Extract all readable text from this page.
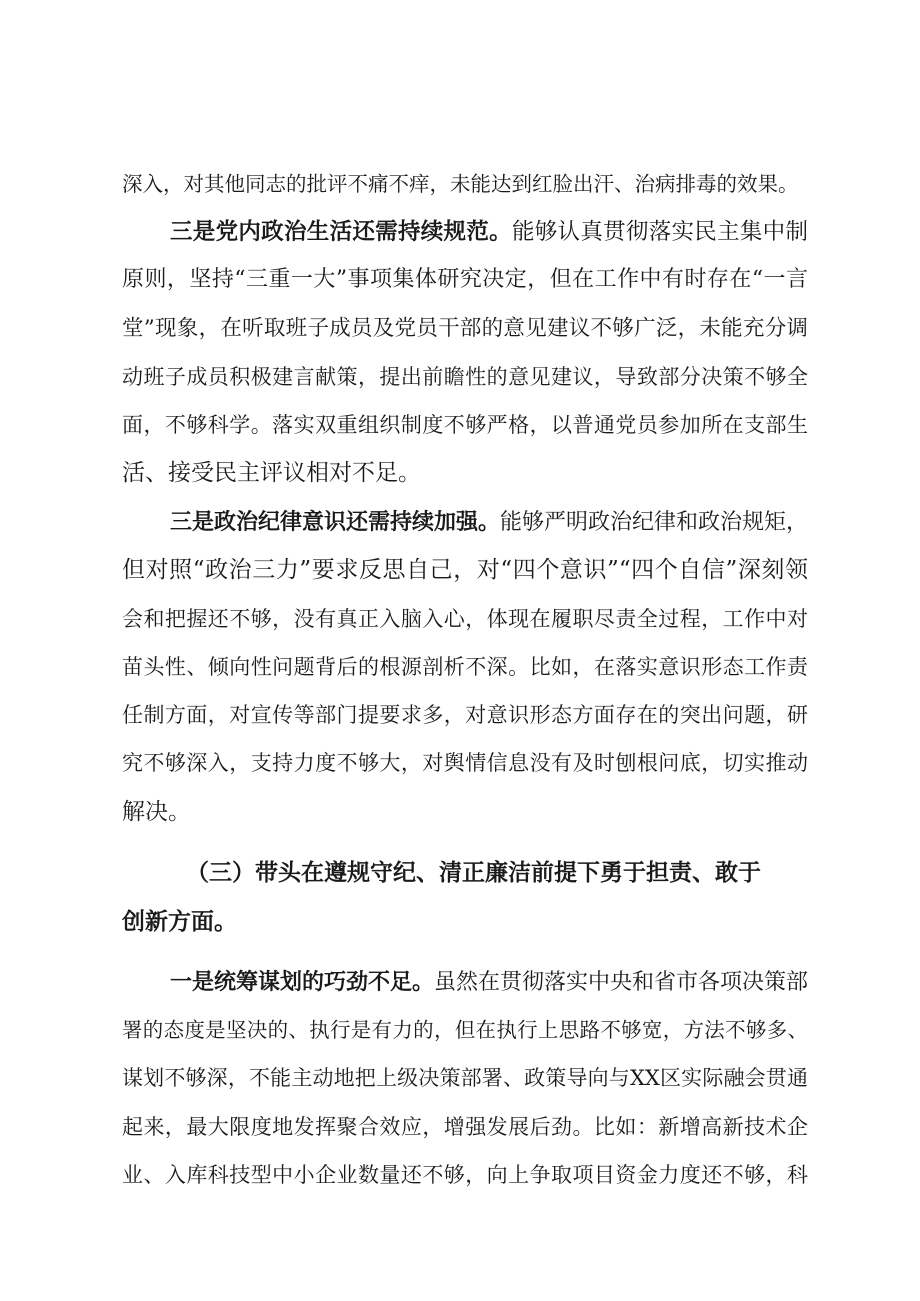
深入，对其他同志的批评不痛不痒，未能达到红脸出汗、治病排毒的效果。
三是党内政治生活还需持续规范。能够认真贯彻落实民主集中制
原则，坚持“三重一大”事项集体研究决定，但在工作中有时存在“一言
堂”现象，在听取班子成员及党员干部的意见建议不够广泛，未能充分调
动班子成员积极建言献策，提出前瞻性的意见建议，导致部分决策不够全
面，不够科学。落实双重组织制度不够严格，以普通党员参加所在支部生
活、接受民主评议相对不足。
三是政治纪律意识还需持续加强。能够严明政治纪律和政治规矩，
但对照“政治三力”要求反思自己，对“四个意识”“四个自信”深刻领
会和把握还不够，没有真正入脑入心，体现在履职尽责全过程，工作中对
苗头性、倾向性问题背后的根源剖析不深。比如，在落实意识形态工作责
任制方面，对宣传等部门提要求多，对意识形态方面存在的突出问题，研
究不够深入，支持力度不够大，对舆情信息没有及时刨根问底，切实推动
解决。
（三）带头在遵规守纪、清正廉洁前提下勇于担责、敢于
创新方面。
一是统筹谋划的巧劲不足。虽然在贯彻落实中央和省市各项决策部
署的态度是坚决的、执行是有力的，但在执行上思路不够宽，方法不够多、
谋划不够深，不能主动地把上级决策部署、政策导向与XX区实际融会贯通
起来，最大限度地发挥聚合效应，增强发展后劲。比如：新增高新技术企
业、入库科技型中小企业数量还不够，向上争取项目资金力度还不够，科
